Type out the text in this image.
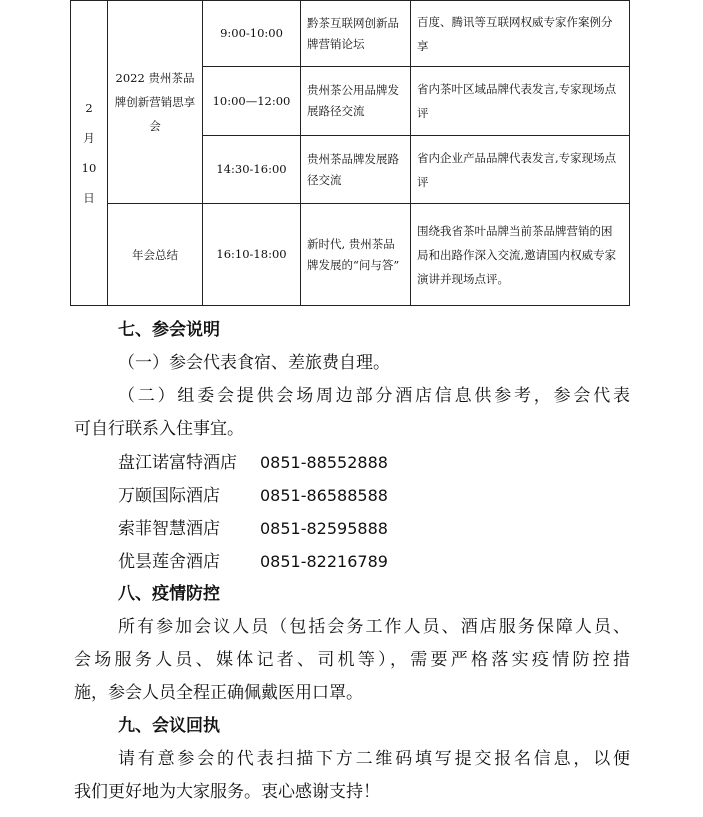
2
月
10
日	2022 贵州茶品牌创新营销思享会	9:00-10:00	黔茶互联网创新品牌营销论坛	百度、腾讯等互联网权威专家作案例分享
		10:00—12:00	贵州茶公用品牌发展路径交流	省内茶叶区域品牌代表发言,专家现场点评
		14:30-16:00	贵州茶品牌发展路径交流	省内企业产品品牌代表发言,专家现场点评
	年会总结	16:10-18:00	新时代, 贵州茶品牌发展的“问与答”	围绕我省茶叶品牌当前茶品牌营销的困局和出路作深入交流,邀请国内权威专家演讲并现场点评。
七、参会说明
（一）参会代表食宿、差旅费自理。
（二）组委会提供会场周边部分酒店信息供参考，参会代表
可自行联系入住事宜。
盘江诺富特酒店 0851-88552888
万颐国际酒店	0851-86588588
索菲智慧酒店	0851-82595888
优昙莲舍酒店	0851-82216789
八、疫情防控
所有参加会议人员（包括会务工作人员、酒店服务保障人员、
会场服务人员、媒体记者、司机等），需要严格落实疫情防控措
施，参会人员全程正确佩戴医用口罩。
九、会议回执
请有意参会的代表扫描下方二维码填写提交报名信息，以便
我们更好地为大家服务。衷心感谢支持！
